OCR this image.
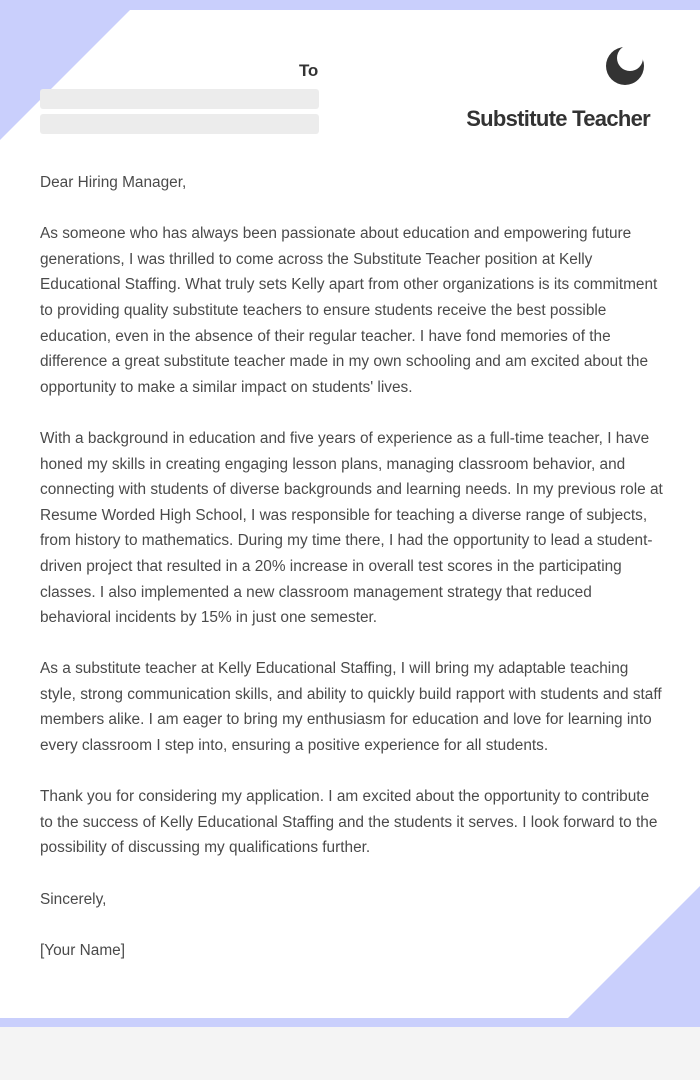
To
Substitute Teacher

Dear Hiring Manager,

As someone who has always been passionate about education and empowering future generations, I was thrilled to come across the Substitute Teacher position at Kelly Educational Staffing. What truly sets Kelly apart from other organizations is its commitment to providing quality substitute teachers to ensure students receive the best possible education, even in the absence of their regular teacher. I have fond memories of the difference a great substitute teacher made in my own schooling and am excited about the opportunity to make a similar impact on students' lives.

With a background in education and five years of experience as a full-time teacher, I have honed my skills in creating engaging lesson plans, managing classroom behavior, and connecting with students of diverse backgrounds and learning needs. In my previous role at Resume Worded High School, I was responsible for teaching a diverse range of subjects, from history to mathematics. During my time there, I had the opportunity to lead a student-driven project that resulted in a 20% increase in overall test scores in the participating classes. I also implemented a new classroom management strategy that reduced behavioral incidents by 15% in just one semester.

As a substitute teacher at Kelly Educational Staffing, I will bring my adaptable teaching style, strong communication skills, and ability to quickly build rapport with students and staff members alike. I am eager to bring my enthusiasm for education and love for learning into every classroom I step into, ensuring a positive experience for all students.

Thank you for considering my application. I am excited about the opportunity to contribute to the success of Kelly Educational Staffing and the students it serves. I look forward to the possibility of discussing my qualifications further.

Sincerely,

[Your Name]
